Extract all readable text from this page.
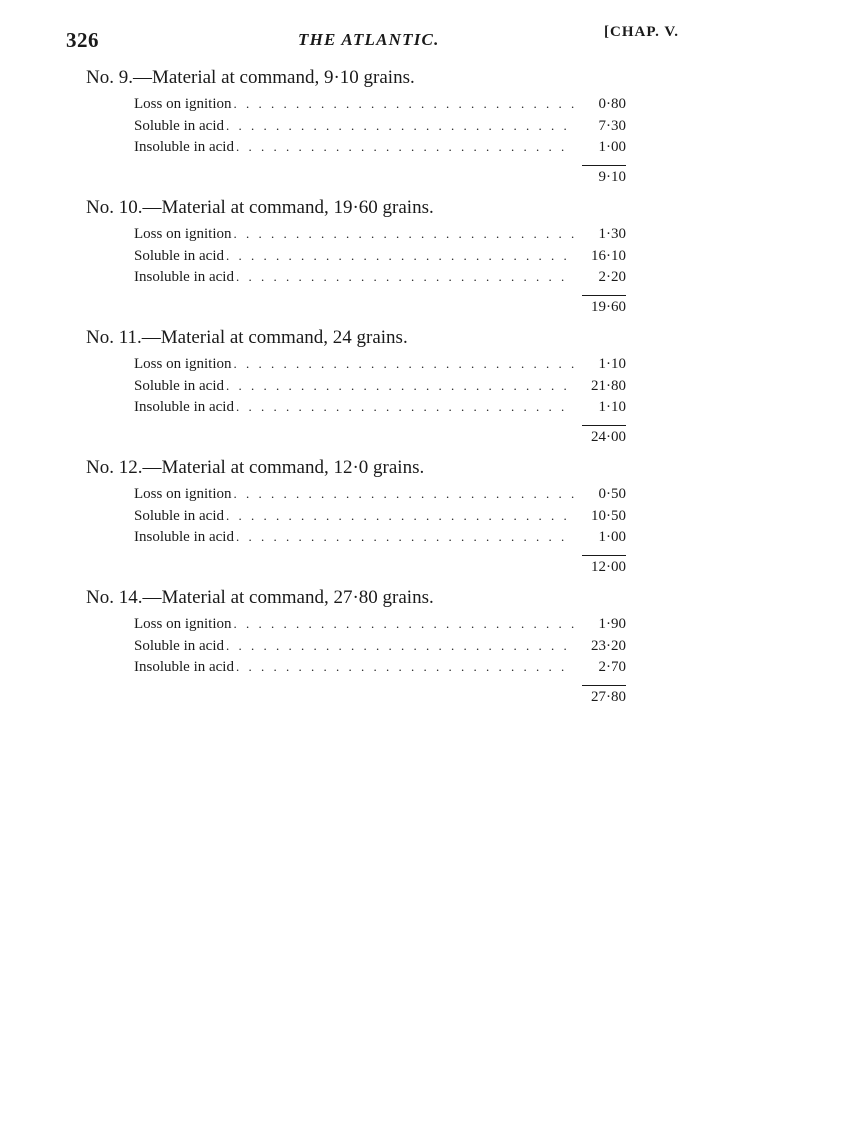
326	THE ATLANTIC.	[CHAP. V.
No. 9.—Material at command, 9·10 grains.
Loss on ignition . . .	0·80
Soluble in acid . . .	7·30
Insoluble in acid . . .	1·00
9·10
No. 10.—Material at command, 19·60 grains.
Loss on ignition . . .	1·30
Soluble in acid . . .	16·10
Insoluble in acid . . .	2·20
19·60
No. 11.—Material at command, 24 grains.
Loss on ignition . . .	1·10
Soluble in acid . . .	21·80
Insoluble in acid . . .	1·10
24·00
No. 12.—Material at command, 12·0 grains.
Loss on ignition . . .	0·50
Soluble in acid . . .	10·50
Insoluble in acid . . .	1·00
12·00
No. 14.—Material at command, 27·80 grains.
Loss on ignition . . .	1·90
Soluble in acid . . .	23·20
Insoluble in acid . . .	2·70
27·80
